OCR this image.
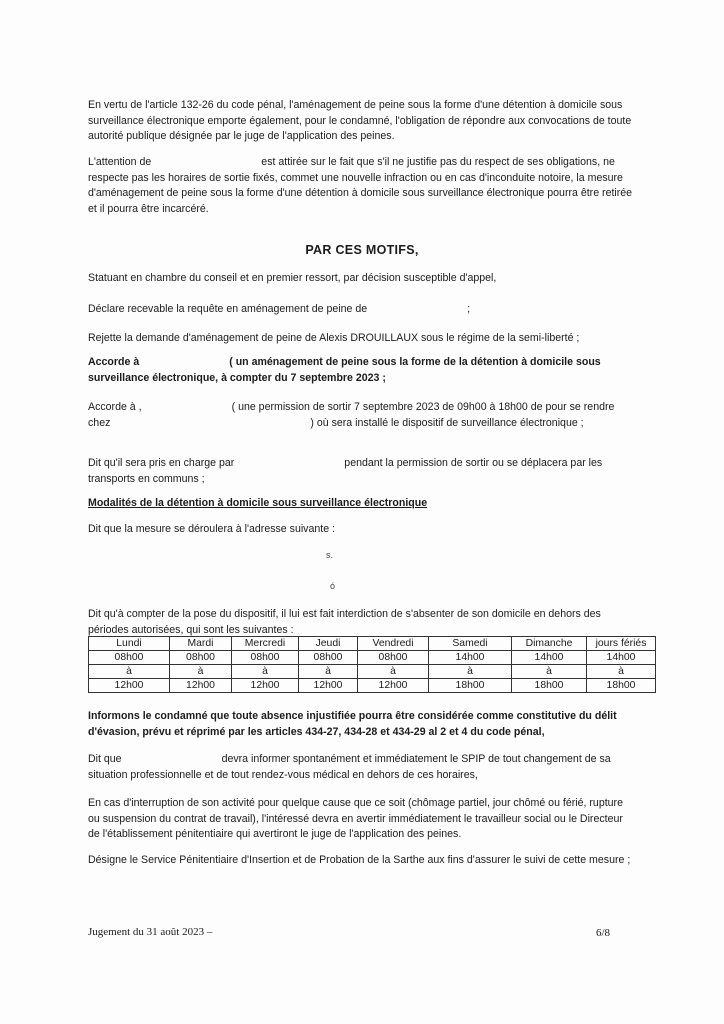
En vertu de l'article 132-26 du code pénal, l'aménagement de peine sous la forme d'une détention à domicile sous surveillance électronique emporte également, pour le condamné, l'obligation de répondre aux convocations de toute autorité publique désignée par le juge de l'application des peines.

L'attention de	est attirée sur le fait que s'il ne justifie pas du respect de ses obligations, ne respecte pas les horaires de sortie fixés, commet une nouvelle infraction ou en cas d'inconduite notoire, la mesure d'aménagement de peine sous la forme d'une détention à domicile sous surveillance électronique pourra être retirée et il pourra être incarcéré.

PAR CES MOTIFS,

Statuant en chambre du conseil et en premier ressort, par décision susceptible d'appel,

Déclare recevable la requête en aménagement de peine de	;

Rejette la demande d'aménagement de peine de Alexis DROUILLAUX sous le régime de la semi-liberté ;

Accorde à	( un aménagement de peine sous la forme de la détention à domicile sous surveillance électronique, à compter du 7 septembre 2023 ;

Accorde à ,	( une permission de sortir 7 septembre 2023 de 09h00 à 18h00 de pour se rendre chez	) où sera installé le dispositif de surveillance électronique ;

Dit qu'il sera pris en charge par	pendant la permission de sortir ou se déplacera par les transports en communs ;

Modalités de la détention à domicile sous surveillance électronique

Dit que la mesure se déroulera à l'adresse suivante :

s.
ó

Dit qu'à compter de la pose du dispositif, il lui est fait interdiction de s'absenter de son domicile en dehors des périodes autorisées, qui sont les suivantes :

Lundi	Mardi	Mercredi	Jeudi	Vendredi	Samedi	Dimanche	jours fériés
08h00	08h00	08h00	08h00	08h00	14h00	14h00	14h00
à	à	à	à	à	à	à	à
12h00	12h00	12h00	12h00	12h00	18h00	18h00	18h00

Informons le condamné que toute absence injustifiée pourra être considérée comme constitutive du délit d'évasion, prévu et réprimé par les articles 434-27, 434-28 et 434-29 al 2 et 4 du code pénal,

Dit que	devra informer spontanément et immédiatement le SPIP de tout changement de sa situation professionnelle et de tout rendez-vous médical en dehors de ces horaires,

En cas d'interruption de son activité pour quelque cause que ce soit (chômage partiel, jour chômé ou férié, rupture ou suspension du contrat de travail), l'intéressé devra en avertir immédiatement le travailleur social ou le Directeur de l'établissement pénitentiaire qui avertiront le juge de l'application des peines.

Désigne le Service Pénitentiaire d'Insertion et de Probation de la Sarthe aux fins d'assurer le suivi de cette mesure ;

Jugement du 31 août 2023 –	6/8
